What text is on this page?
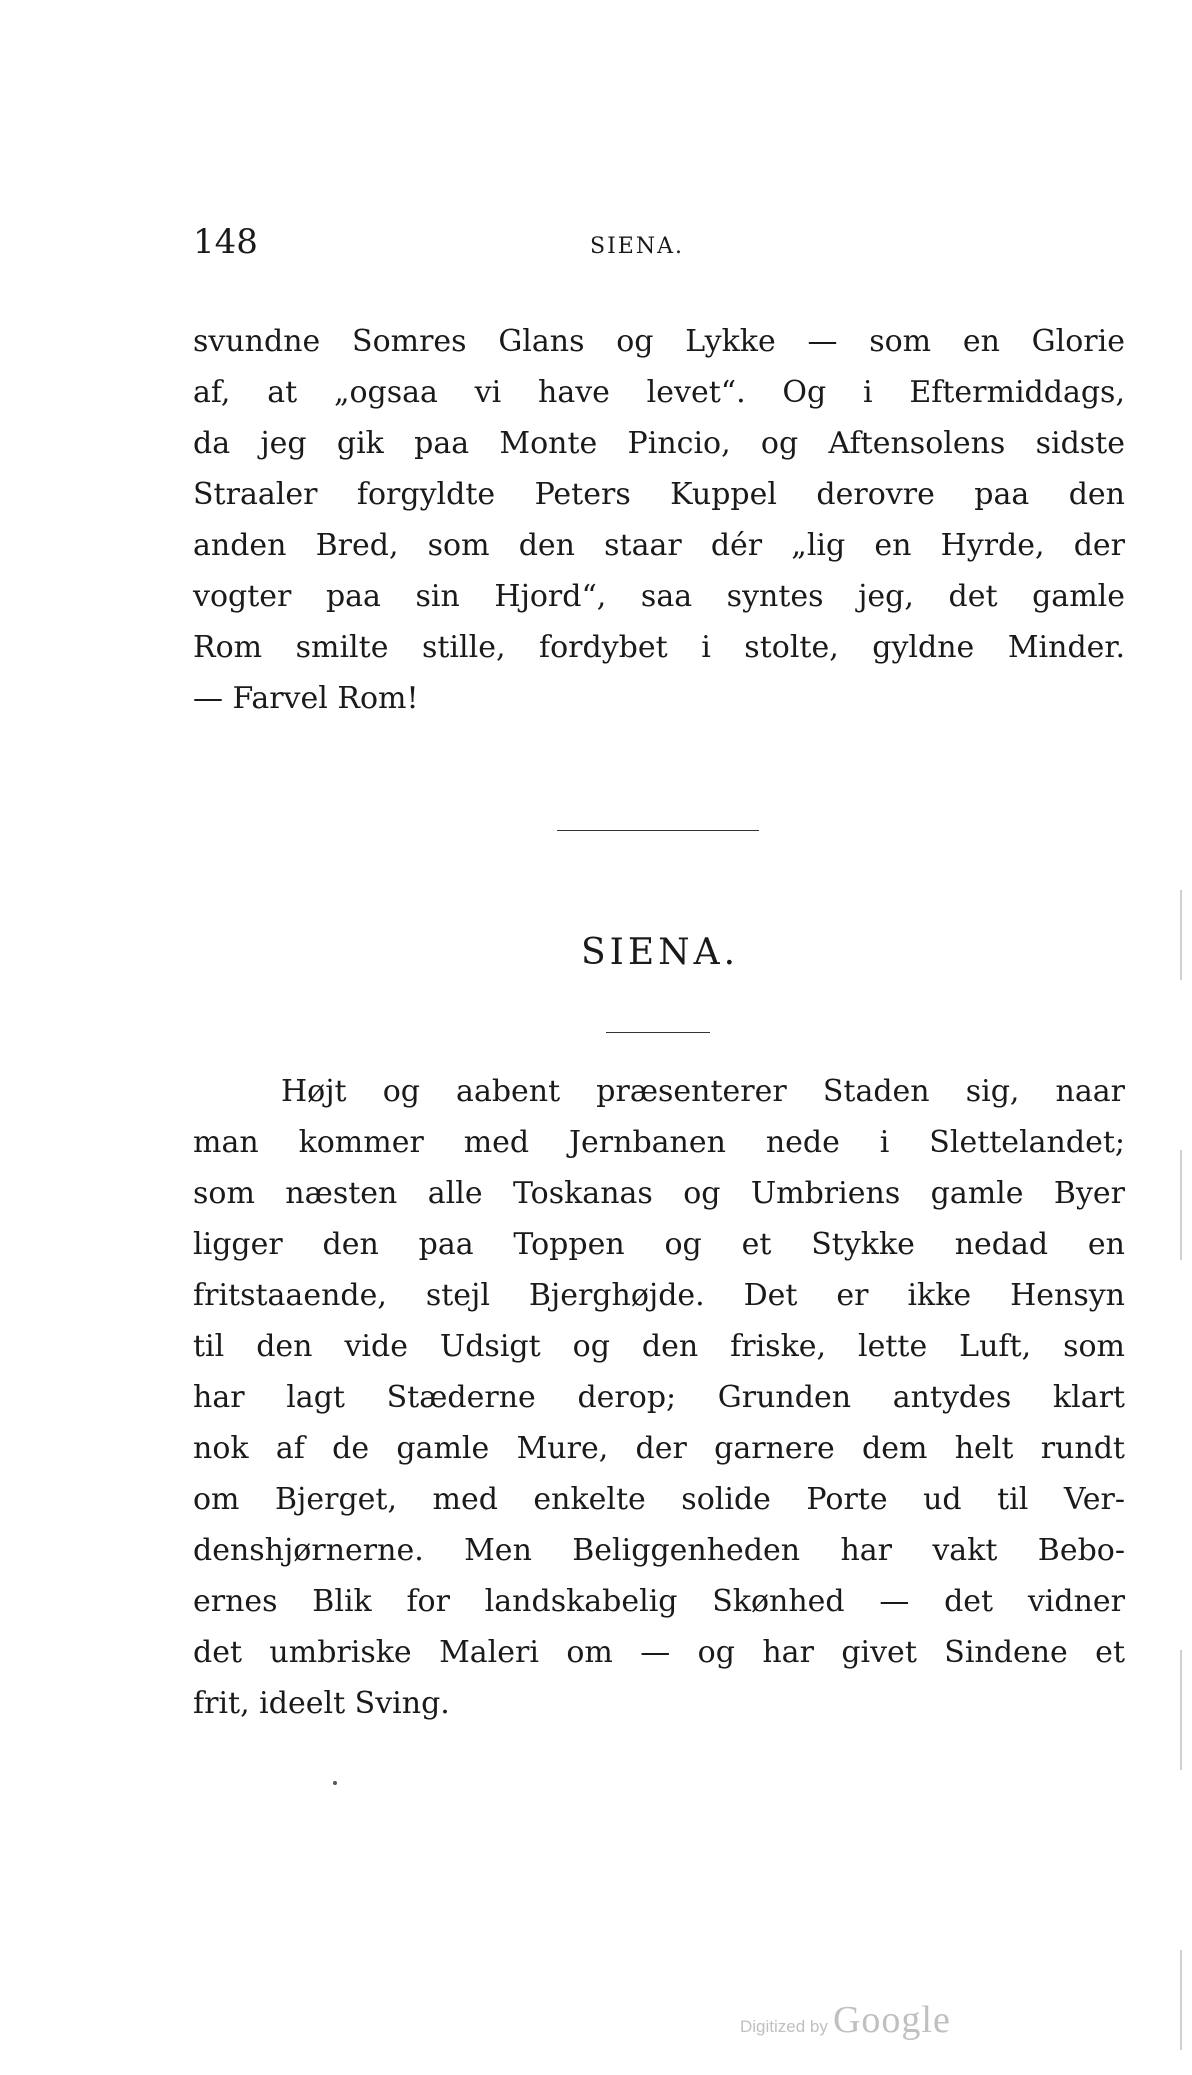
148	SIENA.
svundne Somres Glans og Lykke — som en Glorie
af, at „ogsaa vi have levet“. Og i Eftermiddags,
da jeg gik paa Monte Pincio, og Aftensolens sidste
Straaler forgyldte Peters Kuppel derovre paa den
anden Bred, som den staar dér „lig en Hyrde, der
vogter paa sin Hjord“, saa syntes jeg, det gamle
Rom smilte stille, fordybet i stolte, gyldne Minder.
— Farvel Rom!
SIENA.
Højt og aabent præsenterer Staden sig, naar
man kommer med Jernbanen nede i Slettelandet;
som næsten alle Toskanas og Umbriens gamle Byer
ligger den paa Toppen og et Stykke nedad en
fritstaaende, stejl Bjerghøjde. Det er ikke Hensyn
til den vide Udsigt og den friske, lette Luft, som
har lagt Stæderne derop; Grunden antydes klart
nok af de gamle Mure, der garnere dem helt rundt
om Bjerget, med enkelte solide Porte ud til Ver-
denshjørnerne. Men Beliggenheden har vakt Bebo-
ernes Blik for landskabelig Skønhed — det vidner
det umbriske Maleri om — og har givet Sindene et
frit, ideelt Sving.
Digitized by Google
